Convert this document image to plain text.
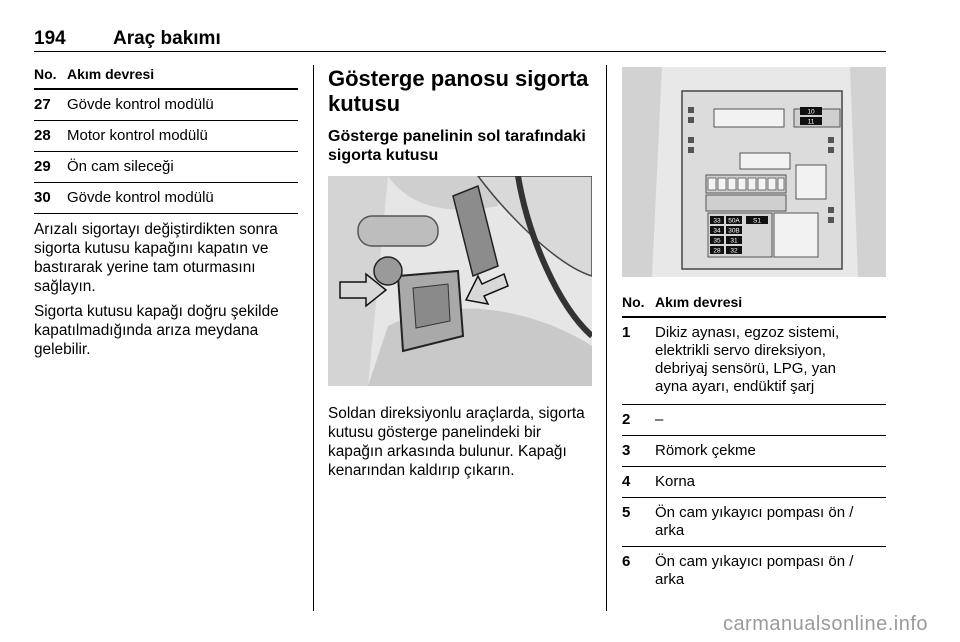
194 Araç bakımı
No. Akım devresi
27 Gövde kontrol modülü
28 Motor kontrol modülü
29 Ön cam sileceği
30 Gövde kontrol modülü

Arızalı sigortayı değiştirdikten sonra sigorta kutusu kapağını kapatın ve bastırarak yerine tam oturmasını sağlayın.

Sigorta kutusu kapağı doğru şekilde kapatılmadığında arıza meydana gelebilir.

Gösterge panosu sigorta kutusu
Gösterge panelinin sol tarafındaki sigorta kutusu

Soldan direksiyonlu araçlarda, sigorta kutusu gösterge panelindeki bir kapağın arkasında bulunur. Kapağı kenarından kaldırıp çıkarın.

10
11
33 50A S1
34 30B
35 31
28 32
No. Akım devresi
1 Dikiz aynası, egzoz sistemi, elektrikli servo direksiyon, debriyaj sensörü, LPG, yan ayna ayarı, endüktif şarj
2 –
3 Römork çekme
4 Korna
5 Ön cam yıkayıcı pompası ön / arka
6 Ön cam yıkayıcı pompası ön / arka
carmanualsonline.info
